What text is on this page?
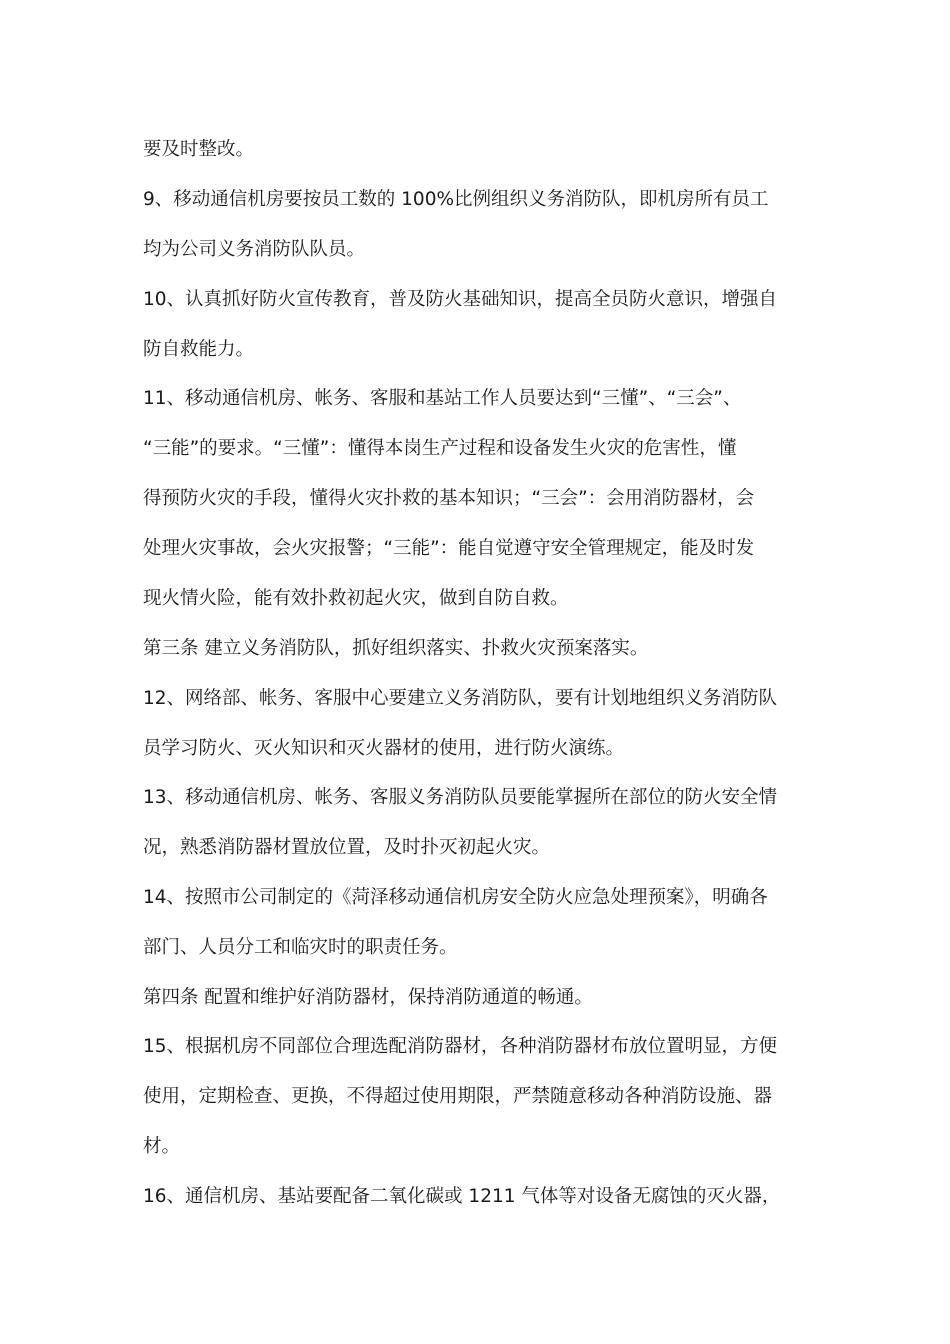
要及时整改。
9、移动通信机房要按员工数的 100%比例组织义务消防队，即机房所有员工
均为公司义务消防队队员。
10、认真抓好防火宣传教育，普及防火基础知识，提高全员防火意识，增强自
防自救能力。
11、移动通信机房、帐务、客服和基站工作人员要达到“三懂”、“三会”、
“三能”的要求。“三懂”：懂得本岗生产过程和设备发生火灾的危害性，懂
得预防火灾的手段，懂得火灾扑救的基本知识；“三会”：会用消防器材，会
处理火灾事故，会火灾报警；“三能”：能自觉遵守安全管理规定，能及时发
现火情火险，能有效扑救初起火灾，做到自防自救。
第三条 建立义务消防队，抓好组织落实、扑救火灾预案落实。
12、网络部、帐务、客服中心要建立义务消防队，要有计划地组织义务消防队
员学习防火、灭火知识和灭火器材的使用，进行防火演练。
13、移动通信机房、帐务、客服义务消防队员要能掌握所在部位的防火安全情
况，熟悉消防器材置放位置，及时扑灭初起火灾。
14、按照市公司制定的《菏泽移动通信机房安全防火应急处理预案》，明确各
部门、人员分工和临灾时的职责任务。
第四条 配置和维护好消防器材，保持消防通道的畅通。
15、根据机房不同部位合理选配消防器材，各种消防器材布放位置明显，方便
使用，定期检查、更换，不得超过使用期限，严禁随意移动各种消防设施、器
材。
16、通信机房、基站要配备二氧化碳或 1211 气体等对设备无腐蚀的灭火器，
